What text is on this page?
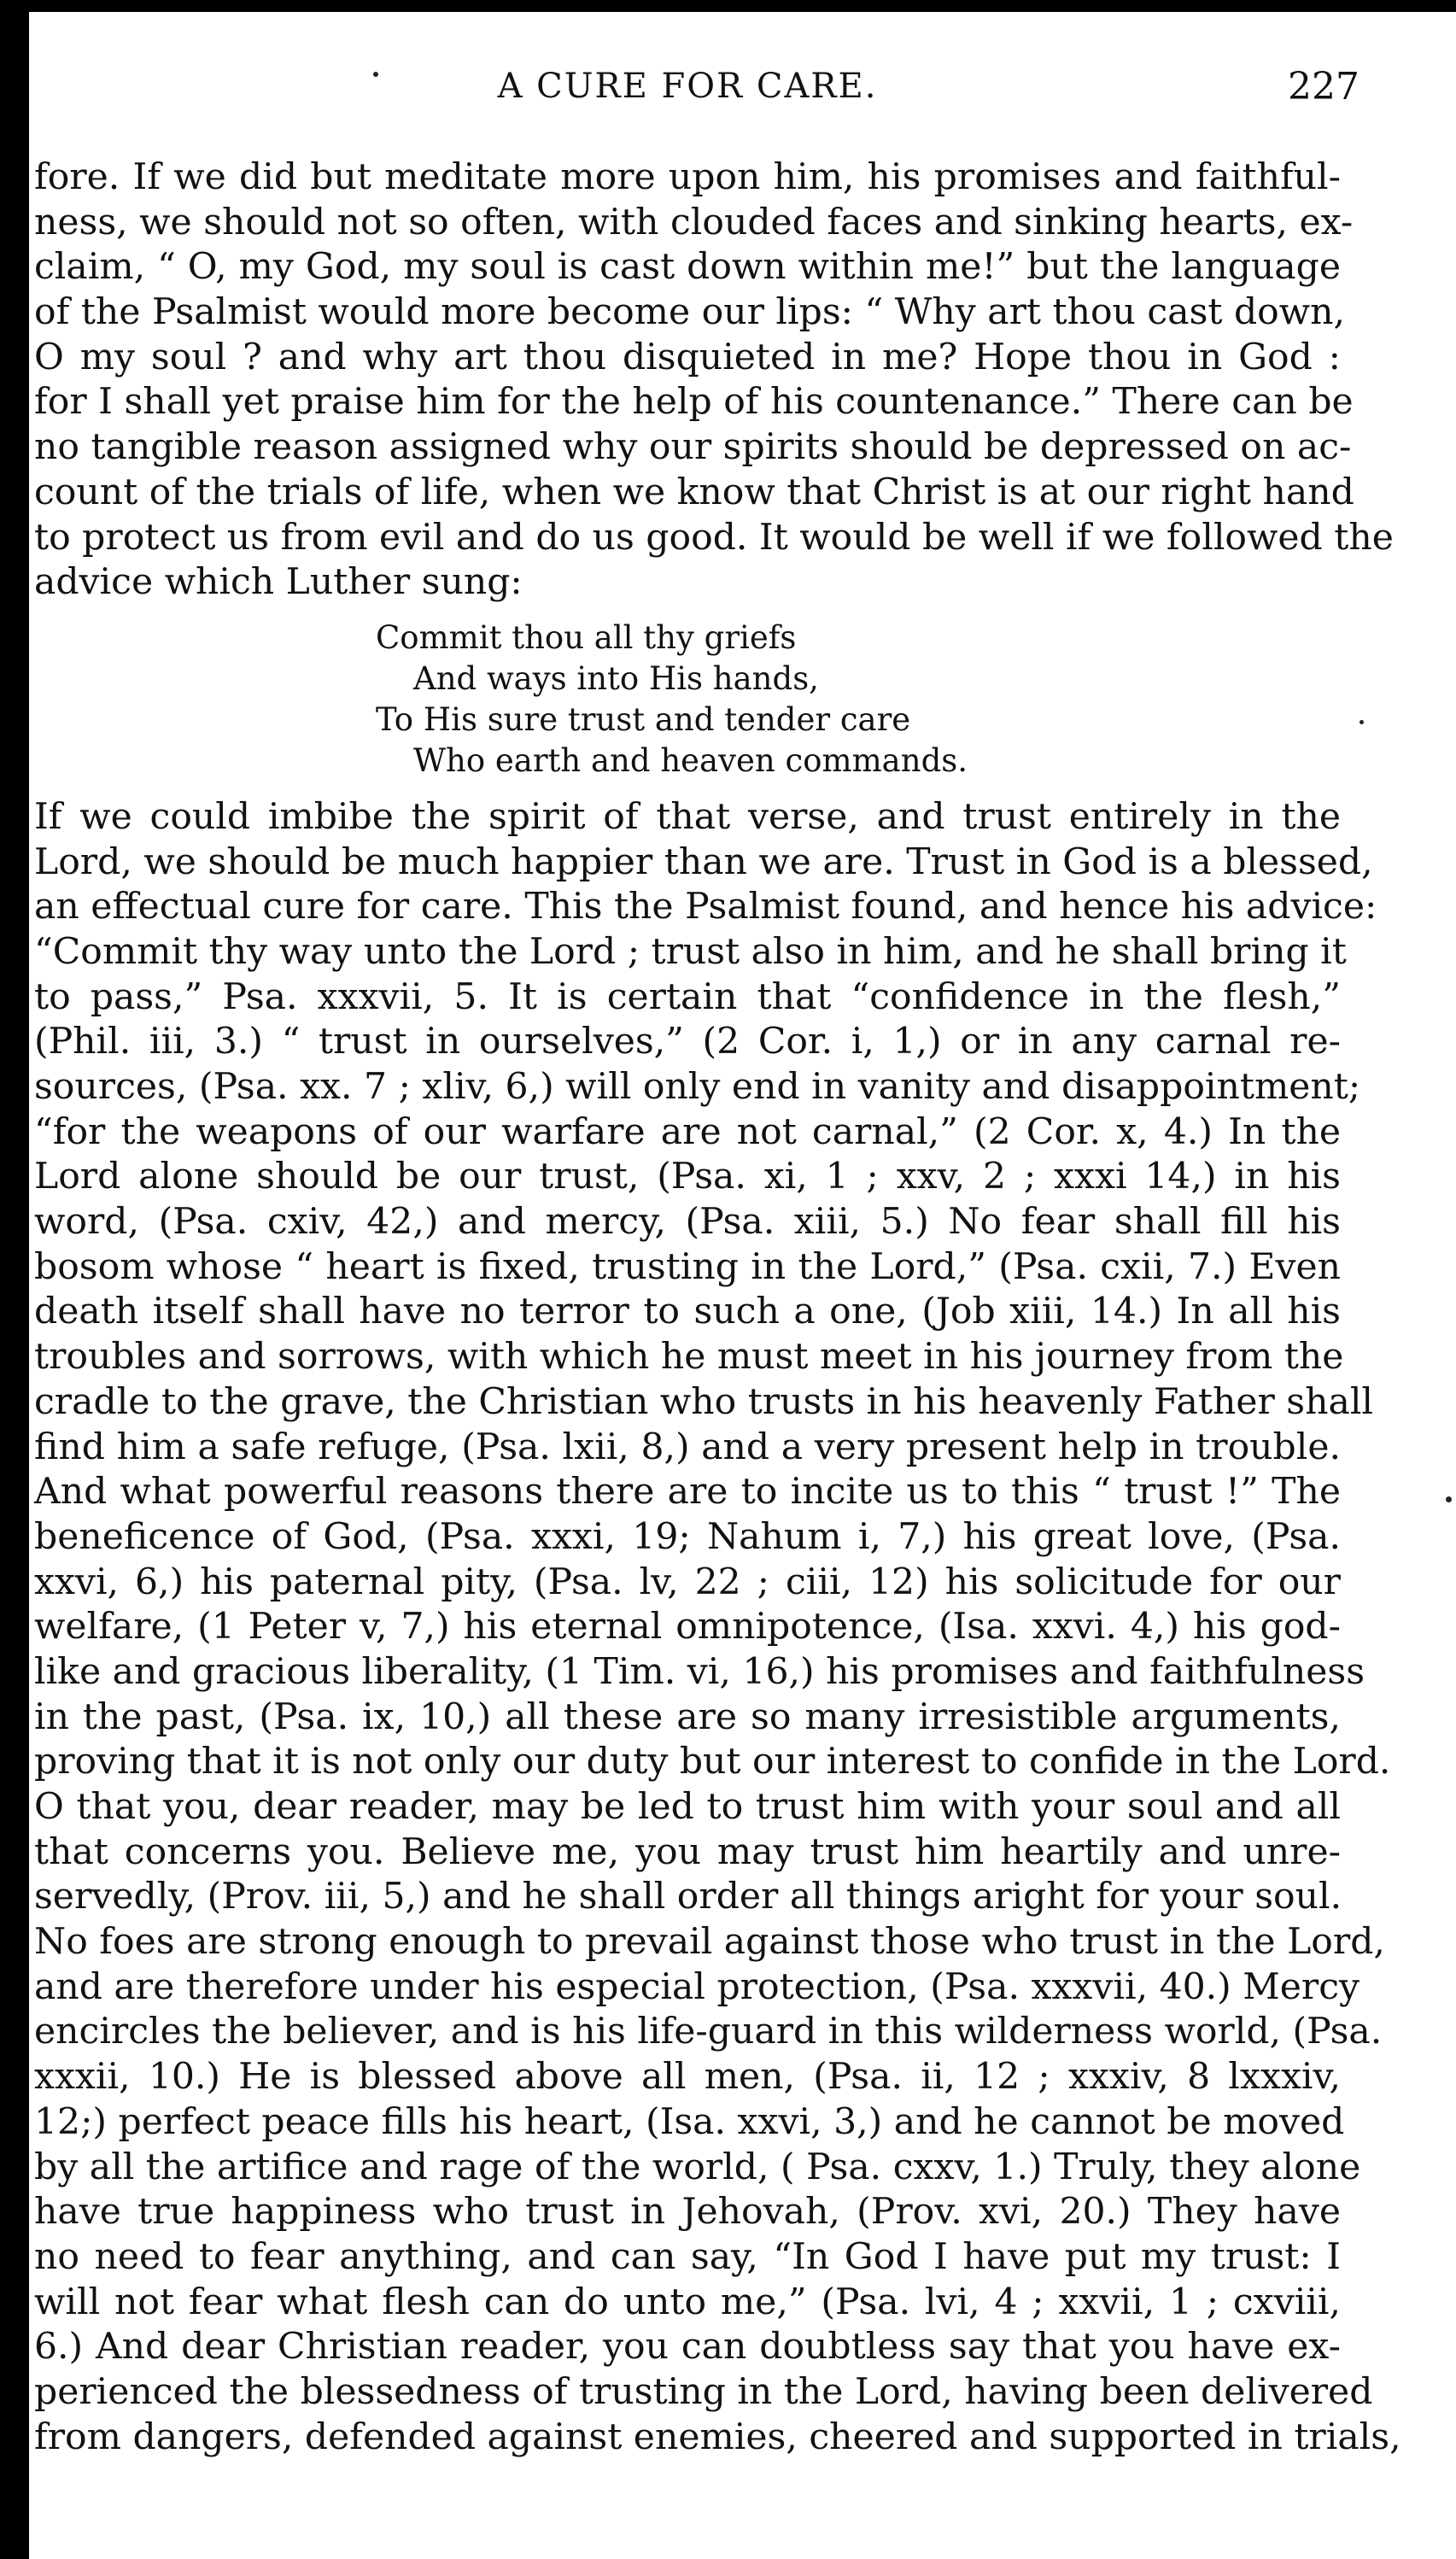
A CURE FOR CARE.	227
fore. If we did but meditate more upon him, his promises and faithful-
ness, we should not so often, with clouded faces and sinking hearts, ex-
claim, “ O, my God, my soul is cast down within me!” but the language
of the Psalmist would more become our lips: “ Why art thou cast down,
O my soul ? and why art thou disquieted in me? Hope thou in God :
for I shall yet praise him for the help of his countenance.” There can be
no tangible reason assigned why our spirits should be depressed on ac-
count of the trials of life, when we know that Christ is at our right hand
to protect us from evil and do us good. It would be well if we followed the
advice which Luther sung:
Commit thou all thy griefs
And ways into His hands,
To His sure trust and tender care
Who earth and heaven commands.
If we could imbibe the spirit of that verse, and trust entirely in the
Lord, we should be much happier than we are. Trust in God is a blessed,
an effectual cure for care. This the Psalmist found, and hence his advice:
“Commit thy way unto the Lord ; trust also in him, and he shall bring it
to pass,” Psa. xxxvii, 5. It is certain that “confidence in the flesh,”
(Phil. iii, 3.) “ trust in ourselves,” (2 Cor. i, 1,) or in any carnal re-
sources, (Psa. xx. 7 ; xliv, 6,) will only end in vanity and disappointment;
“for the weapons of our warfare are not carnal,” (2 Cor. x, 4.) In the
Lord alone should be our trust, (Psa. xi, 1 ; xxv, 2 ; xxxi 14,) in his
word, (Psa. cxiv, 42,) and mercy, (Psa. xiii, 5.) No fear shall fill his
bosom whose “ heart is fixed, trusting in the Lord,” (Psa. cxii, 7.) Even
death itself shall have no terror to such a one, (Job xiii, 14.) In all his
troubles and sorrows, with which he must meet in his journey from the
cradle to the grave, the Christian who trusts in his heavenly Father shall
find him a safe refuge, (Psa. lxii, 8,) and a very present help in trouble.
And what powerful reasons there are to incite us to this “ trust !” The
beneficence of God, (Psa. xxxi, 19; Nahum i, 7,) his great love, (Psa.
xxvi, 6,) his paternal pity, (Psa. lv, 22 ; ciii, 12) his solicitude for our
welfare, (1 Peter v, 7,) his eternal omnipotence, (Isa. xxvi. 4,) his god-
like and gracious liberality, (1 Tim. vi, 16,) his promises and faithfulness
in the past, (Psa. ix, 10,) all these are so many irresistible arguments,
proving that it is not only our duty but our interest to confide in the Lord.
O that you, dear reader, may be led to trust him with your soul and all
that concerns you. Believe me, you may trust him heartily and unre-
servedly, (Prov. iii, 5,) and he shall order all things aright for your soul.
No foes are strong enough to prevail against those who trust in the Lord,
and are therefore under his especial protection, (Psa. xxxvii, 40.) Mercy
encircles the believer, and is his life-guard in this wilderness world, (Psa.
xxxii, 10.) He is blessed above all men, (Psa. ii, 12 ; xxxiv, 8 lxxxiv,
12;) perfect peace fills his heart, (Isa. xxvi, 3,) and he cannot be moved
by all the artifice and rage of the world, ( Psa. cxxv, 1.) Truly, they alone
have true happiness who trust in Jehovah, (Prov. xvi, 20.) They have
no need to fear anything, and can say, “In God I have put my trust: I
will not fear what flesh can do unto me,” (Psa. lvi, 4 ; xxvii, 1 ; cxviii,
6.) And dear Christian reader, you can doubtless say that you have ex-
perienced the blessedness of trusting in the Lord, having been delivered
from dangers, defended against enemies, cheered and supported in trials,
